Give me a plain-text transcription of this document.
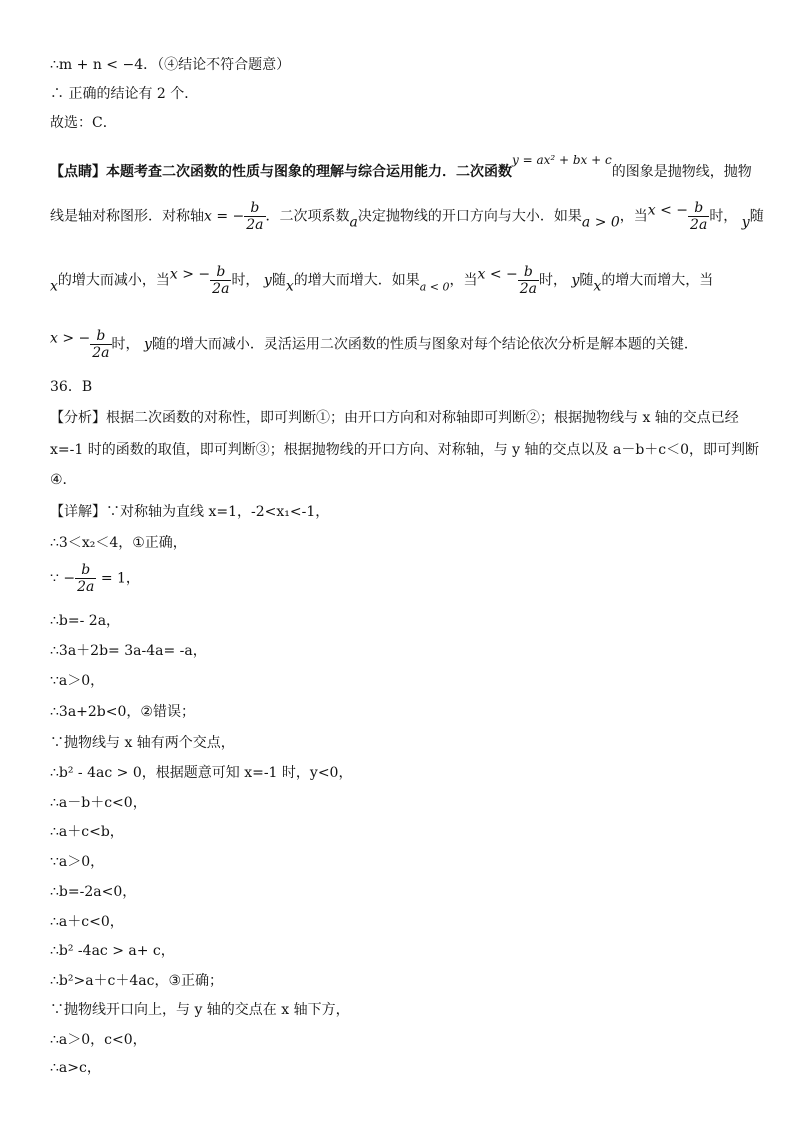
∴m + n < −4．（④结论不符合题意）
∴ 正确的结论有 2 个．
故选：C．
【点睛】本题考查二次函数的性质与图象的理解与综合运用能力．二次函数y = ax² + bx + c的图象是抛物线，抛物
线是轴对称图形．对称轴x = − $\frac{b}{2a}$ ．二次项系数a决定抛物线的开口方向与大小．如果a > 0，当x < − $\frac{b}{2a}$ 时， y随
x的增大而减小，当x > − $\frac{b}{2a}$ 时， y随x的增大而增大．如果$_{a < 0}$，当x < − $\frac{b}{2a}$ 时， y随x的增大而增大，当
x > − $\frac{b}{2a}$ 时， y随的增大而减小．灵活运用二次函数的性质与图象对每个结论依次分析是解本题的关键．
36．B
【分析】根据二次函数的对称性，即可判断①；由开口方向和对称轴即可判断②；根据抛物线与 x 轴的交点已经
x=-1 时的函数的取值，即可判断③；根据抛物线的开口方向、对称轴，与 y 轴的交点以及 a－b＋c＜0，即可判断
④．
【详解】∵对称轴为直线 x=1，-2<x₁<-1，
∴3＜x₂＜4，①正确，
∵ − $\frac{b}{2a} = 1$，
∴b=- 2a，
∴3a＋2b= 3a-4a= -a，
∵a＞0，
∴3a+2b<0，②错误；
∵抛物线与 x 轴有两个交点，
∴b² - 4ac > 0，根据题意可知 x=-1 时，y<0，
∴a－b＋c<0，
∴a＋c<b，
∵a＞0，
∴b=-2a<0，
∴a＋c<0，
∴b² -4ac > a+ c，
∴b²>a＋c＋4ac，③正确；
∵抛物线开口向上，与 y 轴的交点在 x 轴下方，
∴a＞0，c<0，
∴a>c，
